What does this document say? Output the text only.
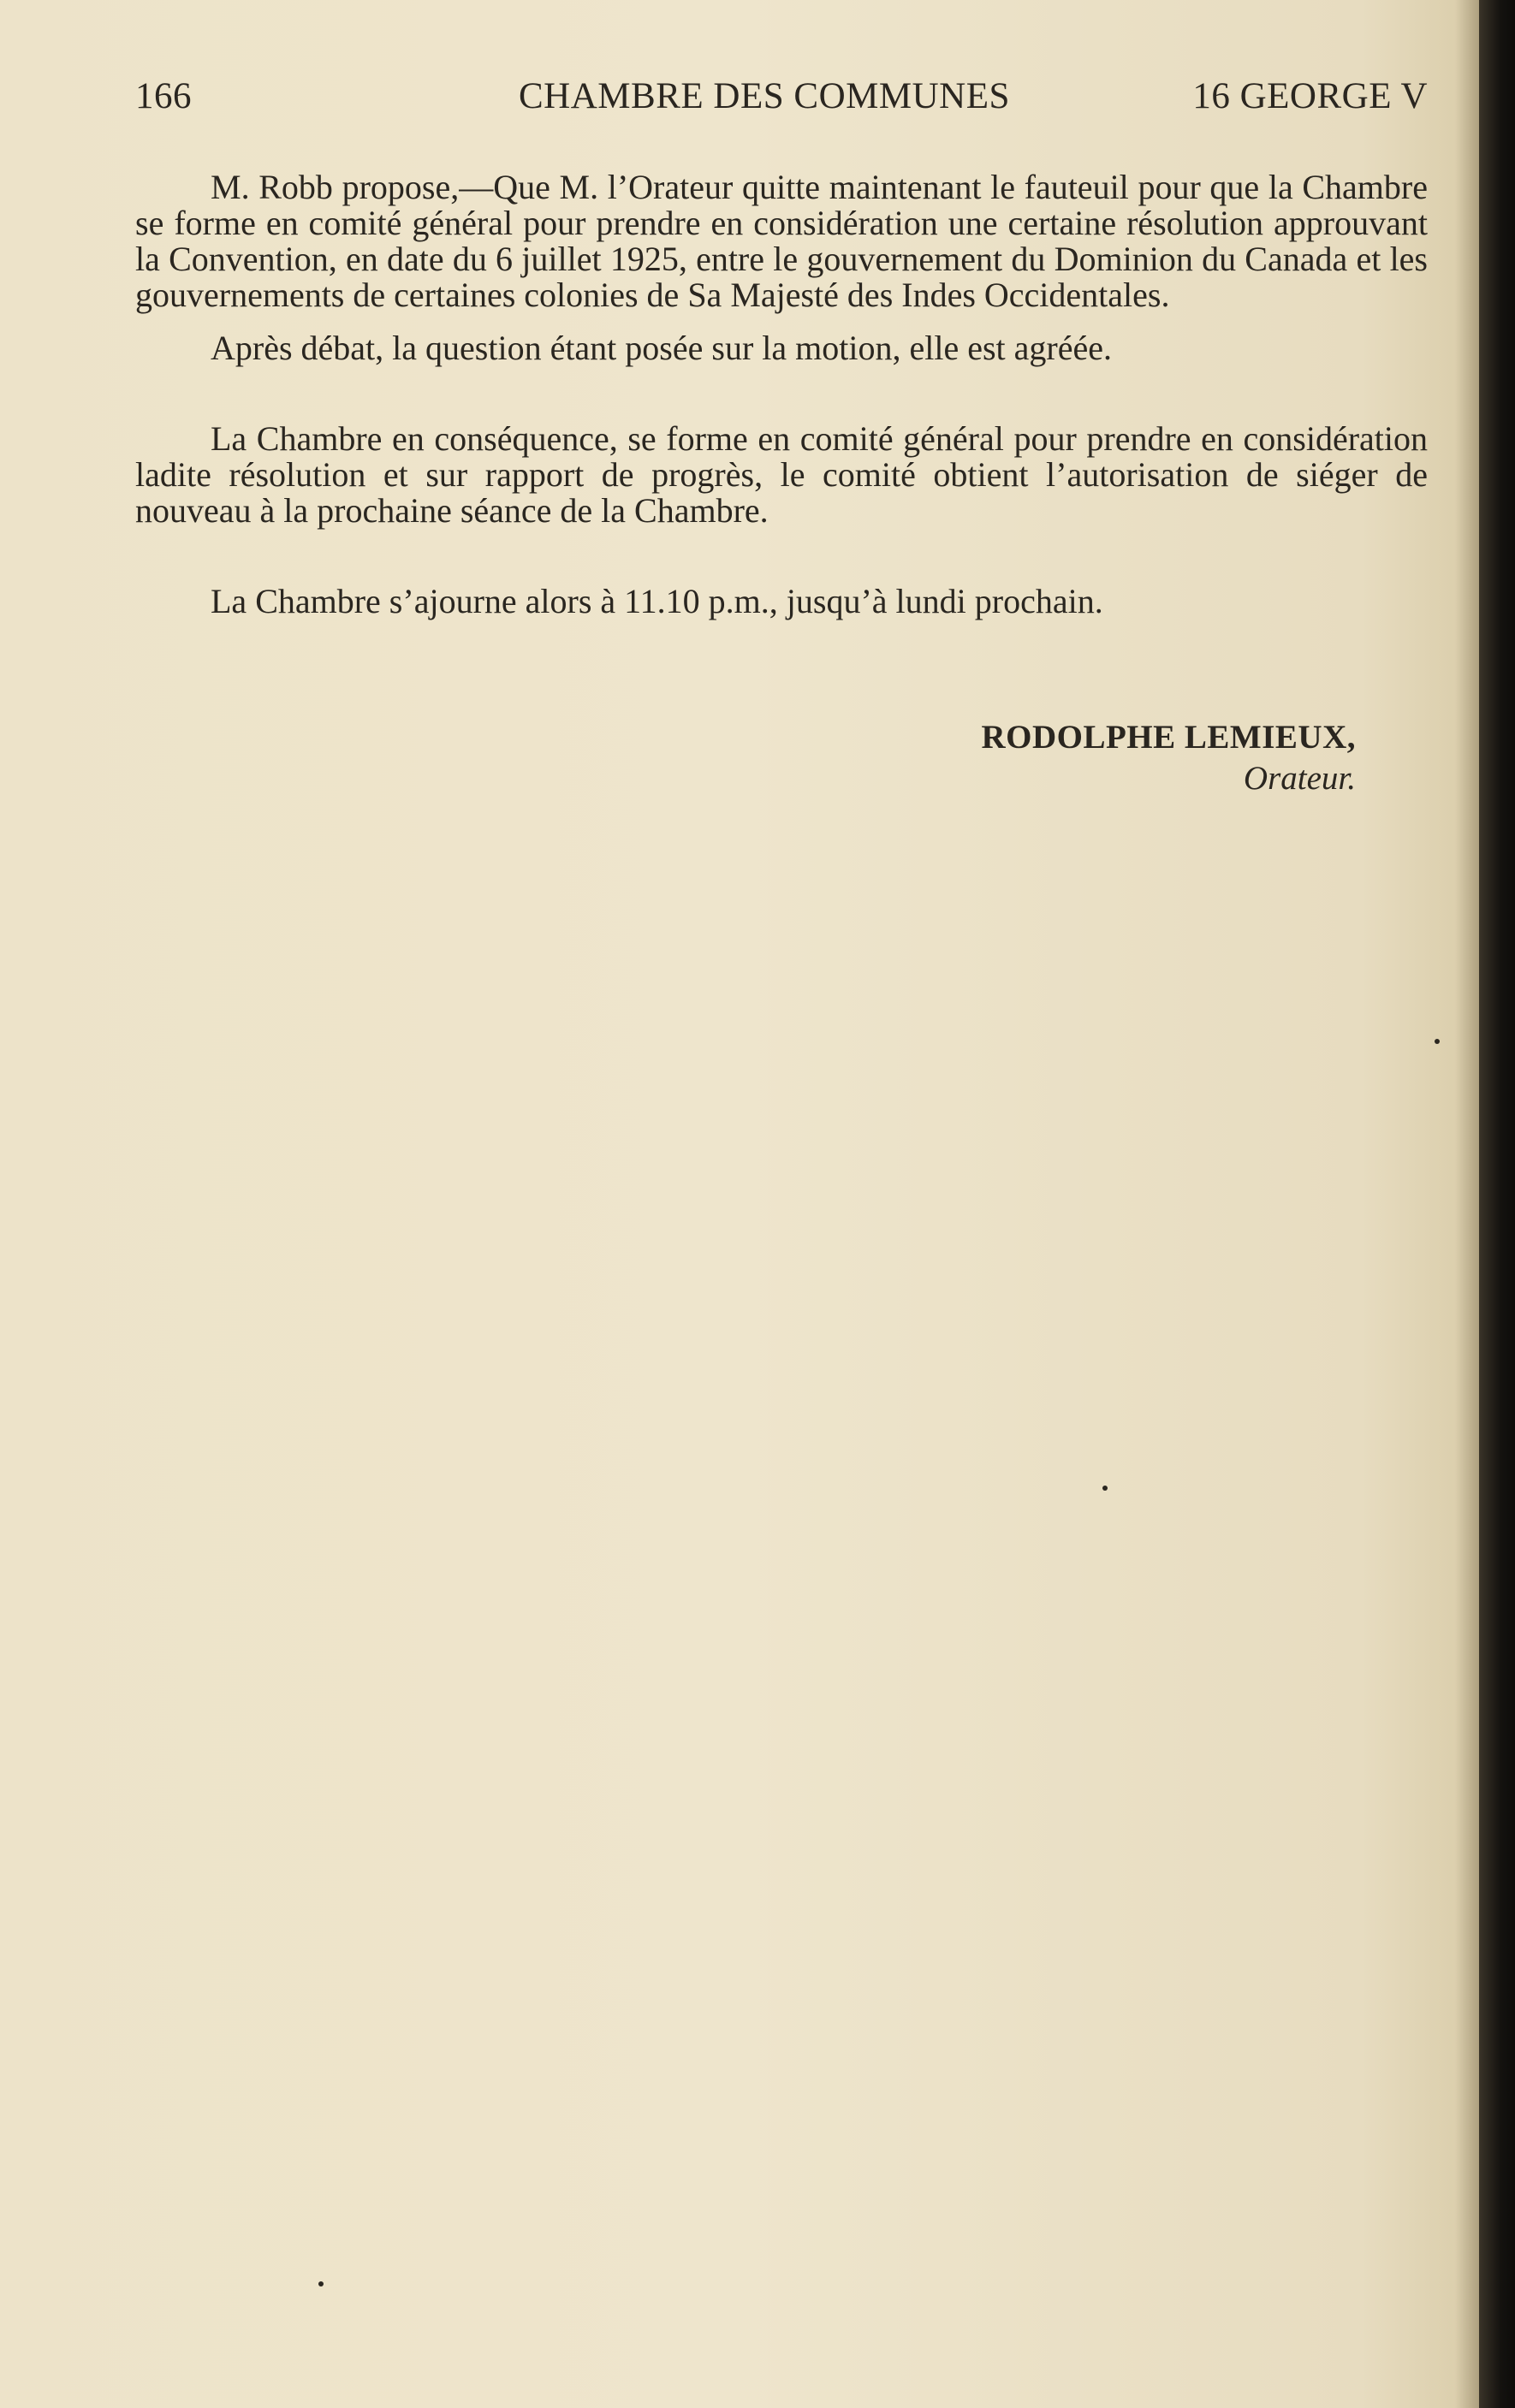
166	CHAMBRE DES COMMUNES	16 GEORGE V

M. Robb propose,—Que M. l’Orateur quitte maintenant le fauteuil pour que la Chambre se forme en comité général pour prendre en considération une certaine résolution approuvant la Convention, en date du 6 juillet 1925, entre le gouvernement du Dominion du Canada et les gouvernements de certaines colonies de Sa Majesté des Indes Occidentales.

Après débat, la question étant posée sur la motion, elle est agréée.

La Chambre en conséquence, se forme en comité général pour prendre en considération ladite résolution et sur rapport de progrès, le comité obtient l’autorisation de siéger de nouveau à la prochaine séance de la Chambre.

La Chambre s’ajourne alors à 11.10 p.m., jusqu’à lundi prochain.

RODOLPHE LEMIEUX,
Orateur.
